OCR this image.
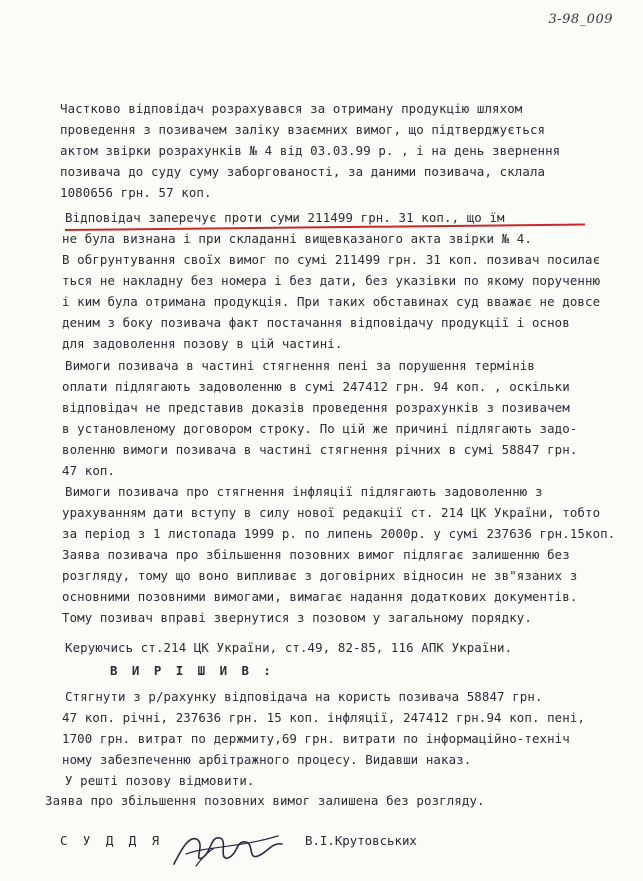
3-98_009
Частково відповідач розрахувався за отриману продукцію шляхом
проведення з позивачем заліку взаємних вимог, що підтверджується
актом звірки розрахунків № 4 від 03.03.99 р. , і на день звернення
позивача до суду суму заборгованості, за даними позивача, склала
1080656 грн. 57 коп.
Відповідач заперечує проти суми 211499 грн. 31 коп., що їм
не була визнана і при складанні вищевказаного акта звірки № 4.
В обгрунтування своїх вимог по сумі 211499 грн. 31 коп. позивач посилає
ться не накладну без номера і без дати, без указівки по якому порученню
і ким була отримана продукція. При таких обставинах суд вважає не довсе
деним з боку позивача факт постачання відповідачу продукції і основ
для задоволення позову в цій частині.
Вимоги позивача в частині стягнення пені за порушення термінів
оплати підлягають задоволенню в сумі 247412 грн. 94 коп. , оскільки
відповідач не представив доказів проведення розрахунків з позивачем
в установленому договором строку. По цій же причині підлягають задо-
воленню вимоги позивача в частині стягнення річних в сумі 58847 грн.
47 коп.
Вимоги позивача про стягнення інфляції підлягають задоволенню з
урахуванням дати вступу в силу нової редакції ст. 214 ЦК України, тобто
за період з 1 листопада 1999 р. по липень 2000р. у сумі 237636 грн.15коп.
Заява позивача про збільшення позовних вимог підлягає залишенню без
розгляду, тому що воно випливає з договірних відносин не зв"язаних з
основними позовними вимогами, вимагає надання додаткових документів.
Тому позивач вправі звернутися з позовом у загальному порядку.
Керуючись ст.214 ЦК України, ст.49, 82-85, 116 АПК України.
В И Р І Ш И В :
Стягнути з р/рахунку відповідача на користь позивача 58847 грн.
47 коп. річні, 237636 грн. 15 коп. інфляції, 247412 грн.94 коп. пені,
1700 грн. витрат по держмиту,69 грн. витрати по інформаційно-техніч
ному забезпеченню арбітражного процесу. Видавши наказ.
У решті позову відмовити.
Заява про збільшення позовних вимог залишена без розгляду.
С У Д Д Я	В.І.Крутовських
